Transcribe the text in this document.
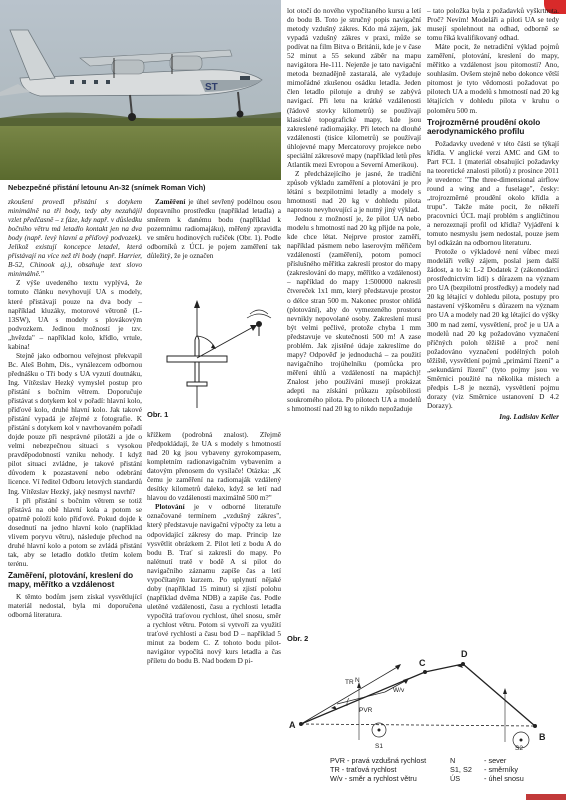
ST
Nebezpečné přistání letounu An-32 (snímek Roman Vich)

zkoušení provedl přistání s dotykem minimálně na tři body, tedy aby nezahájil vzlet předčasně – z fáze, kdy např. v důsledku bočního větru má letadlo kontakt jen na dva body (např. levý hlavní a příďový podvozek). Jelikož existují koncepce letadel, která přistávají na více než tři body (např. Harrier, B-52, Chinook aj.), obsahuje text slovo minimálně."

Z výše uvedeného textu vyplývá, že tomuto článku nevyhovují UA s modely, které přistávají pouze na dva body – například kluzáky, motorové větroně (L-13SW), UA s modely s plovákovým podvozkem. Jedinou možností je tzv. „hvězda" – například kolo, křídlo, vrtule, kabina!

Stejně jako odbornou veřejnost překvapil Bc. Aleš Bohm, Dis., vynálezcem odbornou přednášku o Tři body s UA vyzutí doutnáku, Ing. Vítězslav Hezký vymyslel postup pro přistání s bočním větrem. Doporučuje přistávat s dotykem kol v pořadí: hlavní kolo, příďové kolo, druhé hlavní kolo. Jak takové přistání vypadá je zřejmé z fotografie. K přistání s dotykem kol v navrhovaném pořadí dojde pouze při nesprávné pilotáži a jde o velmi nebezpečnou situaci s vysokou pravděpodobností vzniku nehody. I když pilot situaci zvládne, je takové přistání důvodem k pozastavení nebo odebrání licence. Ví ředitel Odboru letových standardů Ing. Vítězslav Hezký, jaký nesmysl navrhl?

I při přistání s bočním větrem se totiž přistává na obě hlavní kola a potom se opatrně položí kolo příďové. Pokud dojde k dosednutí na jedno hlavní kolo (například vlivem poryvu větru), následuje přechod na druhé hlavní kolo a potom se zvládá přistání tak, aby se letadlo dotklo třetím kolem terénu.

Zaměření, plotování, kreslení do mapy, měřítko a vzdálenost

K těmto bodům jsem získal vysvětlující materiál nedostal, byla mi doporučena odborná literatura.

Zaměření je úhel sevřený podélnou osou dopravního prostředku (například letadla) a směrem k danému bodu (například k pozemnímu radiomajáku), měřený zpravidla ve směru hodinových ručiček (Obr. 1). Podle odborníků z ÚCL je pojem zaměření tak důležitý, že je označen

Obr. 1

křížkem (podrobná znalost). Zřejmě předpokládají, že UA s modely s hmotností nad 20 kg jsou vybaveny gyrokompasem, kompletním radionavigačním vybavením a datovým přenosem do vysílače! Otázka: „K čemu je zaměření na radiomaják vzdálený desítky kilometrů daleko, když se letí nad hlavou do vzdálenosti maximálně 500 m?"

Plotování je v odborné literatuře označované termínem „vzdušný zákres", který představuje navigační výpočty za letu a odpovídající zákresy do map. Princip lze vysvětlit obrázkem 2. Pilot letí z bodu A do bodu B. Trať si zakreslí do mapy. Po nalétnutí tratě v bodě A si pilot do navigačního záznamu zapíše čas a letí vypočítaným kurzem. Po uplynutí nějaké doby (například 15 minut) si zjistí polohu (například dvěma NDB) a zapíše čas. Podle uletěné vzdálenosti, času a rychlosti letadla vypočítá traťovou rychlost, úhel snosu, směr a rychlost větru. Potom si vytvoří za využití traťové rychlosti a času bod D – například 5 minut za bodem C. Z tohoto bodu pilot-navigátor vypočítá nový kurs letadla a čas příletu do bodu B. Nad bodem D pi-

lot otočí do nového vypočítaného kursu a letí do bodu B. Toto je stručný popis navigační metody vzdušný zákres. Kdo má zájem, jak vypadá vzdušný zákres v praxi, může se podívat na film Bitva o Británii, kde je v čase 52 minut a 55 sekund záběr na mapu navigátora He-111. Nejenže je tato navigační metoda beznadějně zastaralá, ale vyžaduje mimořádné zkušenou osádku letadla. Jeden člen letadlo pilotuje a druhý se zabývá navigací. Při letu na krátké vzdálenosti (řádově stovky kilometrů) se používají klasické topografické mapy, kde jsou zakreslené radiomajáky. Při letech na dlouhé vzdálenosti (tisíce kilometrů) se používají úhlojevné mapy Mercatorovy projekce nebo speciální zákresové mapy (například letů přes Atlantik mezi Evropou a Severní Amerikou).

Z předcházejícího je jasné, že tradiční způsob výkladu zaměření a plotování je pro létání s bezpilotními letadly a modely s hmotností nad 20 kg v dohledu pilota naprosto nevyhovující a je nutný jiný výklad.

Jednou z možností je, že pilot UA nebo modelu s hmotností nad 20 kg přijde na pole, kde chce létat. Nejprve prostor zaměří, například pásmem nebo laserovým měřičem vzdáleností (zaměření), potom pomocí příslušného měřítka zakreslí prostor do mapy (zakreslování do mapy, měřítko a vzdálenost) – například do mapy 1:500000 nakreslí čtvereček 1x1 mm, který představuje prostor o délce stran 500 m. Nakonec prostor ohlídá (plotování), aby do vymezeného prostoru nevnikly nepovolané osoby. Zakreslení musí být velmi pečlivé, protože chyba 1 mm představuje ve skutečnosti 500 m! A zase problém. Jak zjistěné údaje zakreslíme do mapy? Odpověď je jednoduchá – za použití navigačního trojúhelníku (pomůcka pro měření úhlů a vzdáleností na mapách)! Znalost jeho používání musejí prokázat adepti na získání průkazu způsobilosti soukromého pilota. Po pilotech UA a modelů s hmotností nad 20 kg to nikdo nepožaduje

Obr. 2

– tato položka byla z požadavků vyškrtnuta. Proč? Nevím! Modeláři a piloti UA se tedy musejí spolehnout na odhad, odborně se tomu říká kvalifikovaný odhad.

Máte pocit, že netradiční výklad pojmů zaměření, plotování, kreslení do mapy, měřítko a vzdálenost jsou pitomosti? Ano, souhlasím. Ovšem stejně nebo dokonce větší pitomost je tyto vědomosti požadovat po pilotech UA a modelů s hmotností nad 20 kg létajících v dohledu pilota v kruhu o poloměru 500 m.

Trojrozměrné proudění okolo aerodynamického profilu

Požadavky uvedené v této části se týkají křídla. V anglické verzi AMC and GM to Part FCL 1 (materiál obsahující požadavky na teoretické znalosti pilotů) z prosince 2011 je uvedeno: "The three-dimensional airflow round a wing and a fuselage", česky: „trojrozměrné proudění okolo křídla a trupu". Takže máte pocit, že někteří pracovníci ÚCL mají problém s angličtinou a nerozeznají profil od křídla? Vyjádření k tomuto nesmyslu jsem nedostal, pouze jsem byl odkázán na odbornou literaturu.

Protože o výkladové není vůbec mezi modeláři velký zájem, poslal jsem další žádost, a to k: L-2 Dodatek 2 (zákonodárci prostřednictvím lidí) s důrazem na význam pro UA (bezpilotní prostředky) a modely nad 20 kg létající v dohledu pilota, postupy pro nastavení výškoměru s důrazem na význam pro UA a modely nad 20 kg létající do výšky 300 m nad zemí, vysvětlení, proč je u UA a modelů nad 20 kg požadováno vyznačení příčných poloh těžiště a proč není požadováno vyznačení podélných poloh těžiště, vysvětlení pojmů „primární řízení" a „sekundární řízení" (tyto pojmy jsou ve Směrnici použité na několika místech a předpis L-8 je nezná), vysvětlení pojmu dorazy (viz Směrnice ustanovení D 4.2 Dorazy).

Ing. Ladislav Keller

A
B
C
D
TR
PVR
W/v
S1	S2
N
PVR - pravá vzdušná rychlost	N	- sever
TR - traťová rychlost	S1, S2	- směrníky
W/v - směr a rychlost větru	ÚS	- úhel snosu
